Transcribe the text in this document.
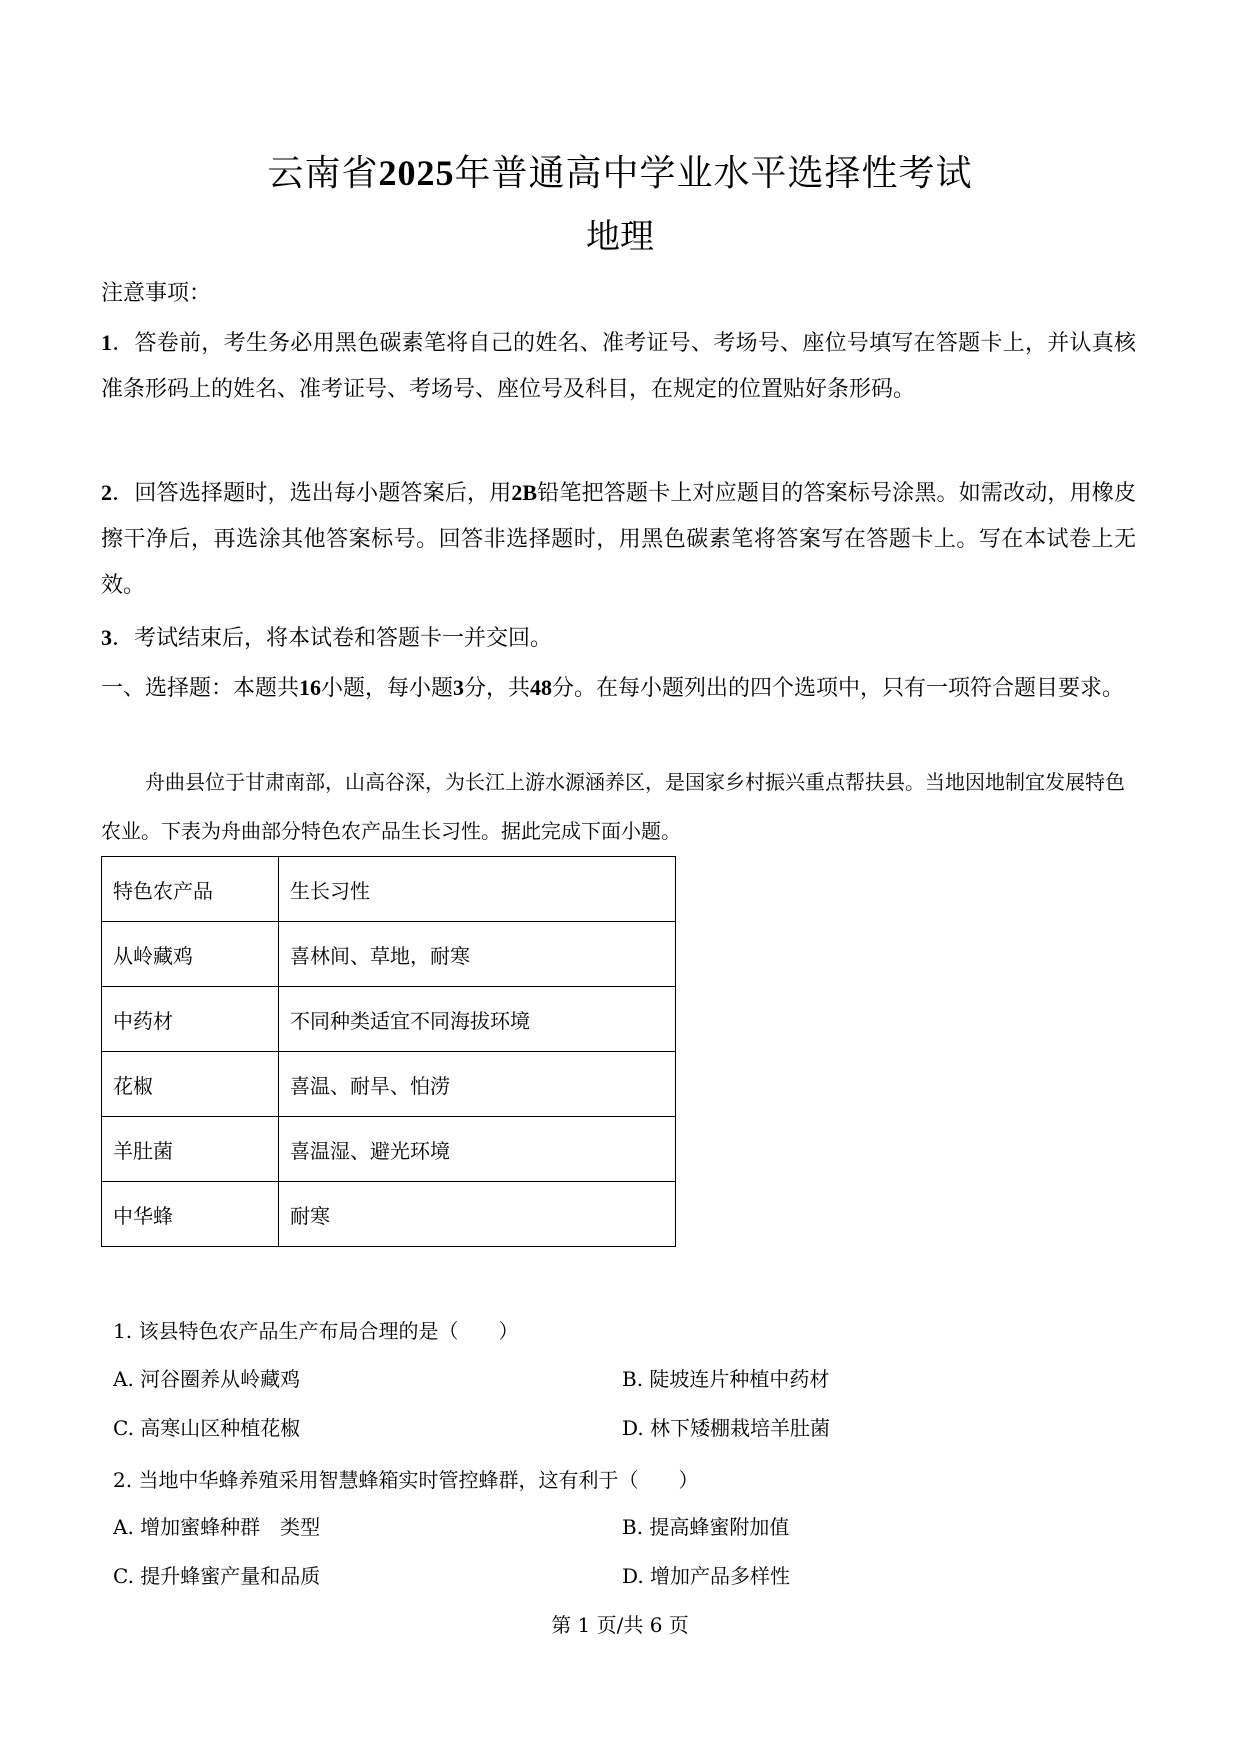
云南省2025年普通高中学业水平选择性考试
地理
注意事项：
1．答卷前，考生务必用黑色碳素笔将自己的姓名、准考证号、考场号、座位号填写在答题卡上，并认真核准条形码上的姓名、准考证号、考场号、座位号及科目，在规定的位置贴好条形码。
2．回答选择题时，选出每小题答案后，用2B铅笔把答题卡上对应题目的答案标号涂黑。如需改动，用橡皮擦干净后，再选涂其他答案标号。回答非选择题时，用黑色碳素笔将答案写在答题卡上。写在本试卷上无效。
3．考试结束后，将本试卷和答题卡一并交回。
一、选择题：本题共16小题，每小题3分，共48分。在每小题列出的四个选项中，只有一项符合题目要求。
舟曲县位于甘肃南部，山高谷深，为长江上游水源涵养区，是国家乡村振兴重点帮扶县。当地因地制宜发展特色农业。下表为舟曲部分特色农产品生长习性。据此完成下面小题。
特色农产品	生长习性
从岭藏鸡	喜林间、草地，耐寒
中药材	不同种类适宜不同海拔环境
花椒	喜温、耐旱、怕涝
羊肚菌	喜温湿、避光环境
中华蜂	耐寒
1. 该县特色农产品生产布局合理的是（　　）
A. 河谷圈养从岭藏鸡	B. 陡坡连片种植中药材
C. 高寒山区种植花椒	D. 林下矮棚栽培羊肚菌
2. 当地中华蜂养殖采用智慧蜂箱实时管控蜂群，这有利于（　　）
A. 增加蜜蜂种群　类型	B. 提高蜂蜜附加值
C. 提升蜂蜜产量和品质	D. 增加产品多样性
第 1 页/共 6 页
